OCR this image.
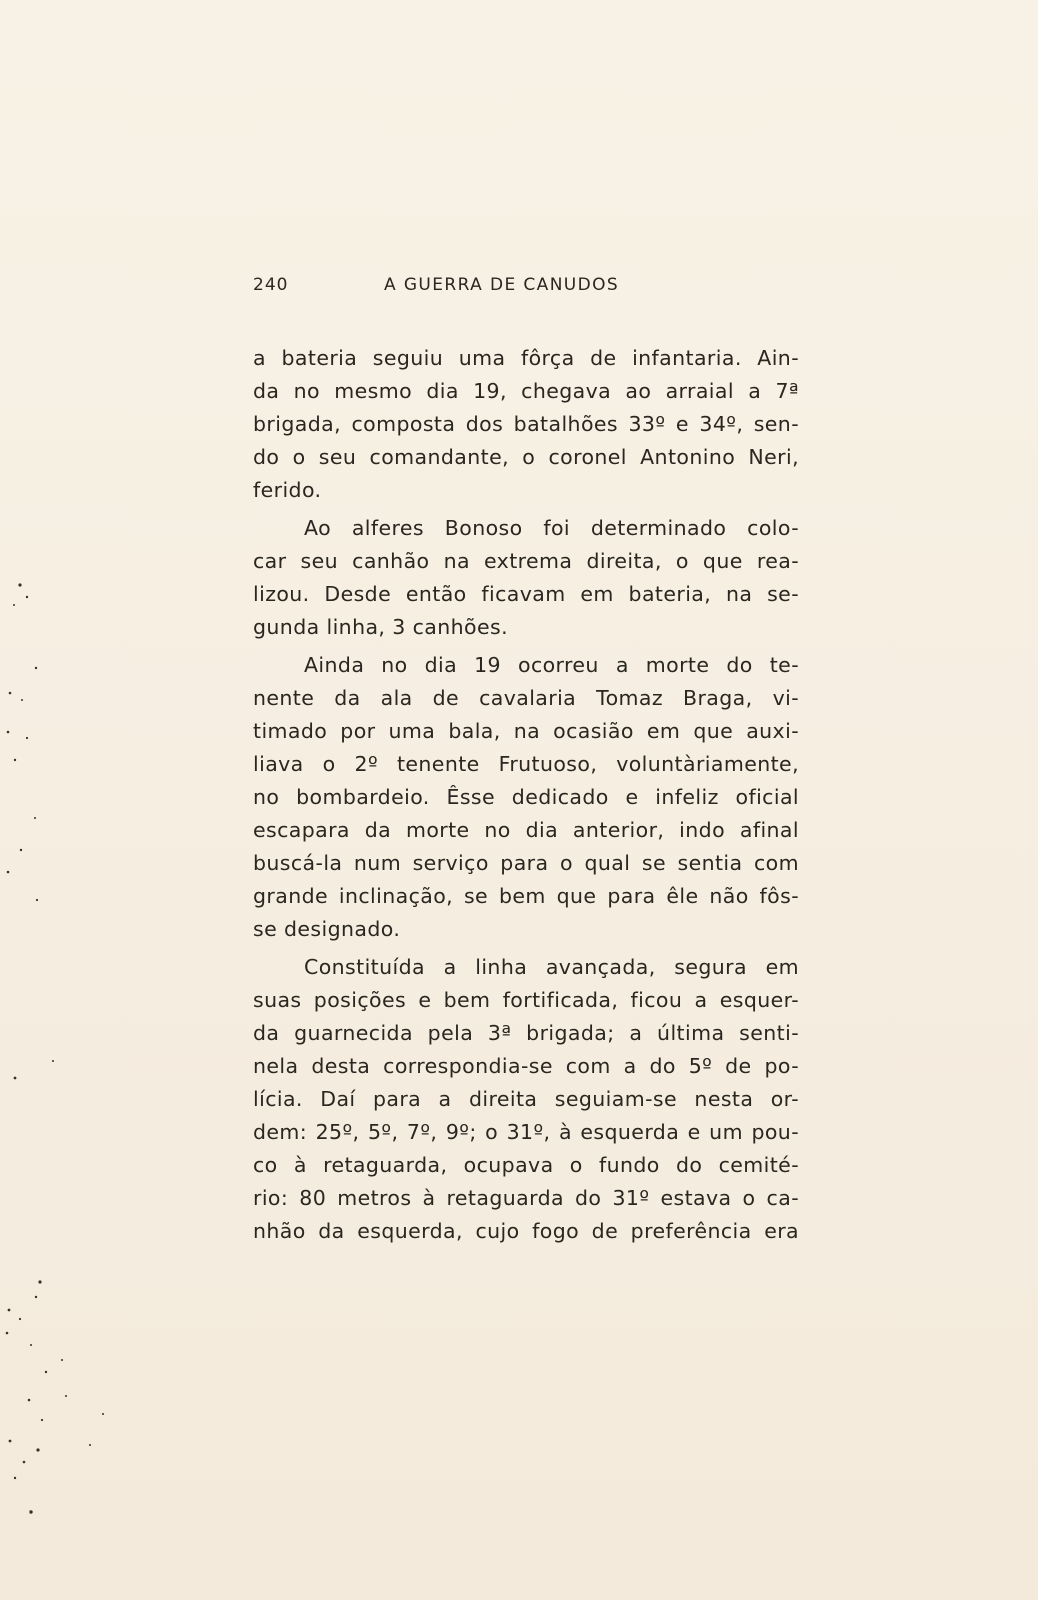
240	A GUERRA DE CANUDOS

a bateria seguiu uma fôrça de infantaria. Ain-
da no mesmo dia 19, chegava ao arraial a 7ª
brigada, composta dos batalhões 33º e 34º, sen-
do o seu comandante, o coronel Antonino Neri,
ferido.

Ao alferes Bonoso foi determinado colo-
car seu canhão na extrema direita, o que rea-
lizou. Desde então ficavam em bateria, na se-
gunda linha, 3 canhões.

Ainda no dia 19 ocorreu a morte do te-
nente da ala de cavalaria Tomaz Braga, vi-
timado por uma bala, na ocasião em que auxi-
liava o 2º tenente Frutuoso, voluntàriamente,
no bombardeio. Êsse dedicado e infeliz oficial
escapara da morte no dia anterior, indo afinal
buscá-la num serviço para o qual se sentia com
grande inclinação, se bem que para êle não fôs-
se designado.

Constituída a linha avançada, segura em
suas posições e bem fortificada, ficou a esquer-
da guarnecida pela 3ª brigada; a última senti-
nela desta correspondia-se com a do 5º de po-
lícia. Daí para a direita seguiam-se nesta or-
dem: 25º, 5º, 7º, 9º; o 31º, à esquerda e um pou-
co à retaguarda, ocupava o fundo do cemité-
rio: 80 metros à retaguarda do 31º estava o ca-
nhão da esquerda, cujo fogo de preferência era
